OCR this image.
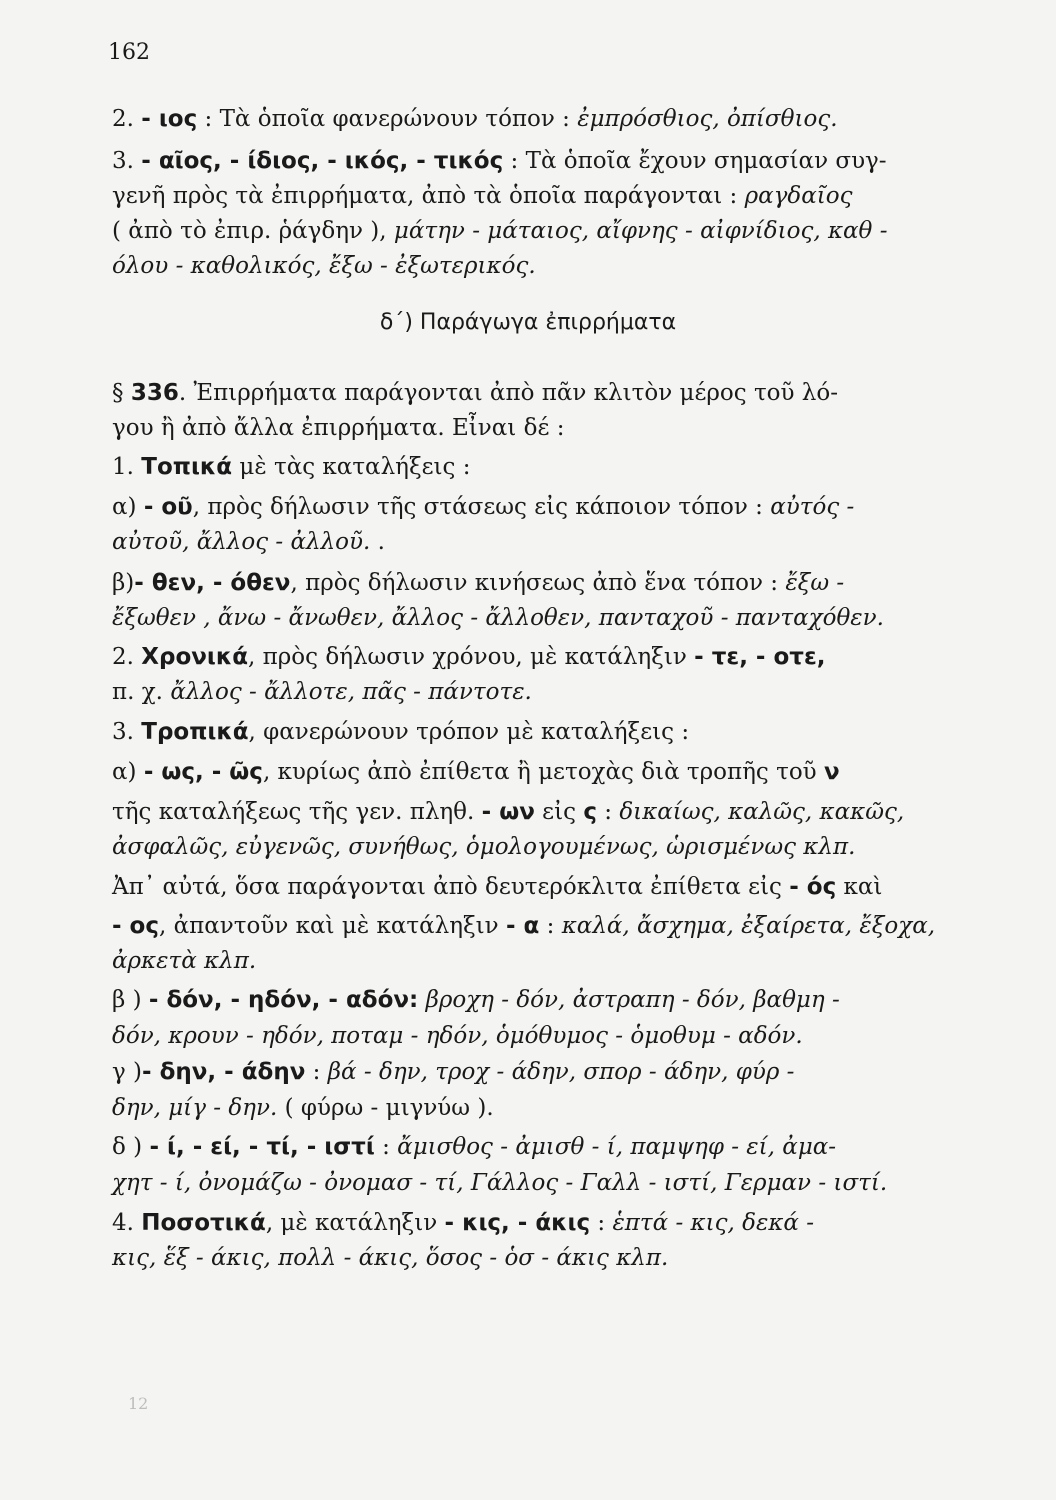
162
δ΄) Παράγωγα ἐπιρρήματα
2. - ιος : Τὰ ὁποῖα φανερώνουν τόπον : ἐμπρόσθιος, ὀπίσθιος.
3. - αῖος, - ίδιος, - ικός, - τικός : Τὰ ὁποῖα ἔχουν σημασίαν συγ-
γενῆ πρὸς τὰ ἐπιρρήματα, ἀπὸ τὰ ὁποῖα παράγονται : ραγδαῖος
( ἀπὸ τὸ ἐπιρ. ῥάγδην ), μάτην - μάταιος, αἴφνης - αἰφνίδιος, καθ -
όλου - καθολικός, ἔξω - ἐξωτερικός.
§ 336. Ἐπιρρήματα παράγονται ἀπὸ πᾶν κλιτὸν μέρος τοῦ λό-
γου ἢ ἀπὸ ἄλλα ἐπιρρήματα. Εἶναι δέ :
1. Τοπικά μὲ τὰς καταλήξεις :
α) - οῦ, πρὸς δήλωσιν τῆς στάσεως εἰς κάποιον τόπον : αὐτός -
αὐτοῦ, ἄλλος - ἀλλοῦ. .
β)- θεν, - όθεν, πρὸς δήλωσιν κινήσεως ἀπὸ ἕνα τόπον : ἔξω -
ἔξωθεν , ἄνω - ἄνωθεν, ἄλλος - ἄλλοθεν, πανταχοῦ - πανταχόθεν.
2. Χρονικά, πρὸς δήλωσιν χρόνου, μὲ κατάληξιν - τε, - οτε,
π. χ. ἄλλος - ἄλλοτε, πᾶς - πάντοτε.
3. Τροπικά, φανερώνουν τρόπον μὲ καταλήξεις :
α) - ως, - ῶς, κυρίως ἀπὸ ἐπίθετα ἢ μετοχὰς διὰ τροπῆς τοῦ ν
τῆς καταλήξεως τῆς γεν. πληθ. - ων εἰς ς : δικαίως, καλῶς, κακῶς,
ἀσφαλῶς, εὐγενῶς, συνήθως, ὁμολογουμένως, ὡρισμένως κλπ.
Ἀπ᾽ αὐτά, ὅσα παράγονται ἀπὸ δευτερόκλιτα ἐπίθετα εἰς - ός καὶ
- ος, ἀπαντοῦν καὶ μὲ κατάληξιν - α : καλά, ἄσχημα, ἐξαίρετα, ἔξοχα,
ἀρκετὰ κλπ.
β ) - δόν, - ηδόν, - αδόν: βροχη - δόν, ἀστραπη - δόν, βαθμη -
δόν, κρουν - ηδόν, ποταμ - ηδόν, ὁμόθυμος - ὁμοθυμ - αδόν.
γ )- δην, - άδην : βά - δην, τροχ - άδην, σπορ - άδην, φύρ -
δην, μίγ - δην. ( φύρω - μιγνύω ).
δ ) - ί, - εί, - τί, - ιστί : ἄμισθος - ἀμισθ - ί, παμψηφ - εί, ἀμα-
χητ - ί, ὀνομάζω - ὀνομασ - τί, Γάλλος - Γαλλ - ιστί, Γερμαν - ιστί.
4. Ποσοτικά, μὲ κατάληξιν - κις, - άκις : ἑπτά - κις, δεκά -
κις, ἕξ - άκις, πολλ - άκις, ὅσος - ὁσ - άκις κλπ.
12
